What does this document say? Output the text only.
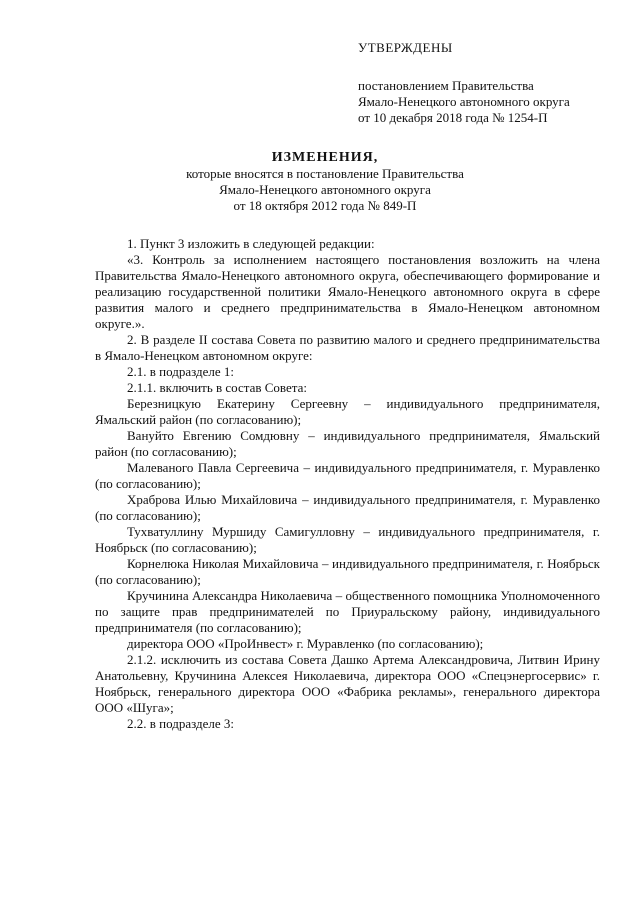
УТВЕРЖДЕНЫ
постановлением Правительства
Ямало-Ненецкого автономного округа
от 10 декабря 2018 года № 1254-П
ИЗМЕНЕНИЯ,
которые вносятся в постановление Правительства
Ямало-Ненецкого автономного округа
от 18 октября 2012 года № 849-П

1. Пункт 3 изложить в следующей редакции:

«3. Контроль за исполнением настоящего постановления возложить на члена Правительства Ямало-Ненецкого автономного округа, обеспечивающего формирование и реализацию государственной политики Ямало-Ненецкого автономного округа в сфере развития малого и среднего предпринимательства в Ямало-Ненецком автономном округе.».

2. В разделе II состава Совета по развитию малого и среднего предпринимательства в Ямало-Ненецком автономном округе:

2.1. в подразделе 1:

2.1.1. включить в состав Совета:

Березницкую Екатерину Сергеевну – индивидуального предпринимателя, Ямальский район (по согласованию);

Вануйто Евгению Сомдювну – индивидуального предпринимателя, Ямальский район (по согласованию);

Малеваного Павла Сергеевича – индивидуального предпринимателя, г. Муравленко (по согласованию);

Храброва Илью Михайловича – индивидуального предпринимателя, г. Муравленко (по согласованию);

Тухватуллину Муршиду Самигулловну – индивидуального предпринимателя, г. Ноябрьск (по согласованию);

Корнелюка Николая Михайловича – индивидуального предпринимателя, г. Ноябрьск (по согласованию);

Кручинина Александра Николаевича – общественного помощника Уполномоченного по защите прав предпринимателей по Приуральскому району, индивидуального предпринимателя (по согласованию);

директора ООО «ПроИнвест» г. Муравленко (по согласованию);

2.1.2. исключить из состава Совета Дашко Артема Александровича, Литвин Ирину Анатольевну, Кручинина Алексея Николаевича, директора ООО «Спецэнергосервис» г. Ноябрьск, генерального директора ООО «Фабрика рекламы», генерального директора ООО «Шуга»;

2.2. в подразделе 3:
